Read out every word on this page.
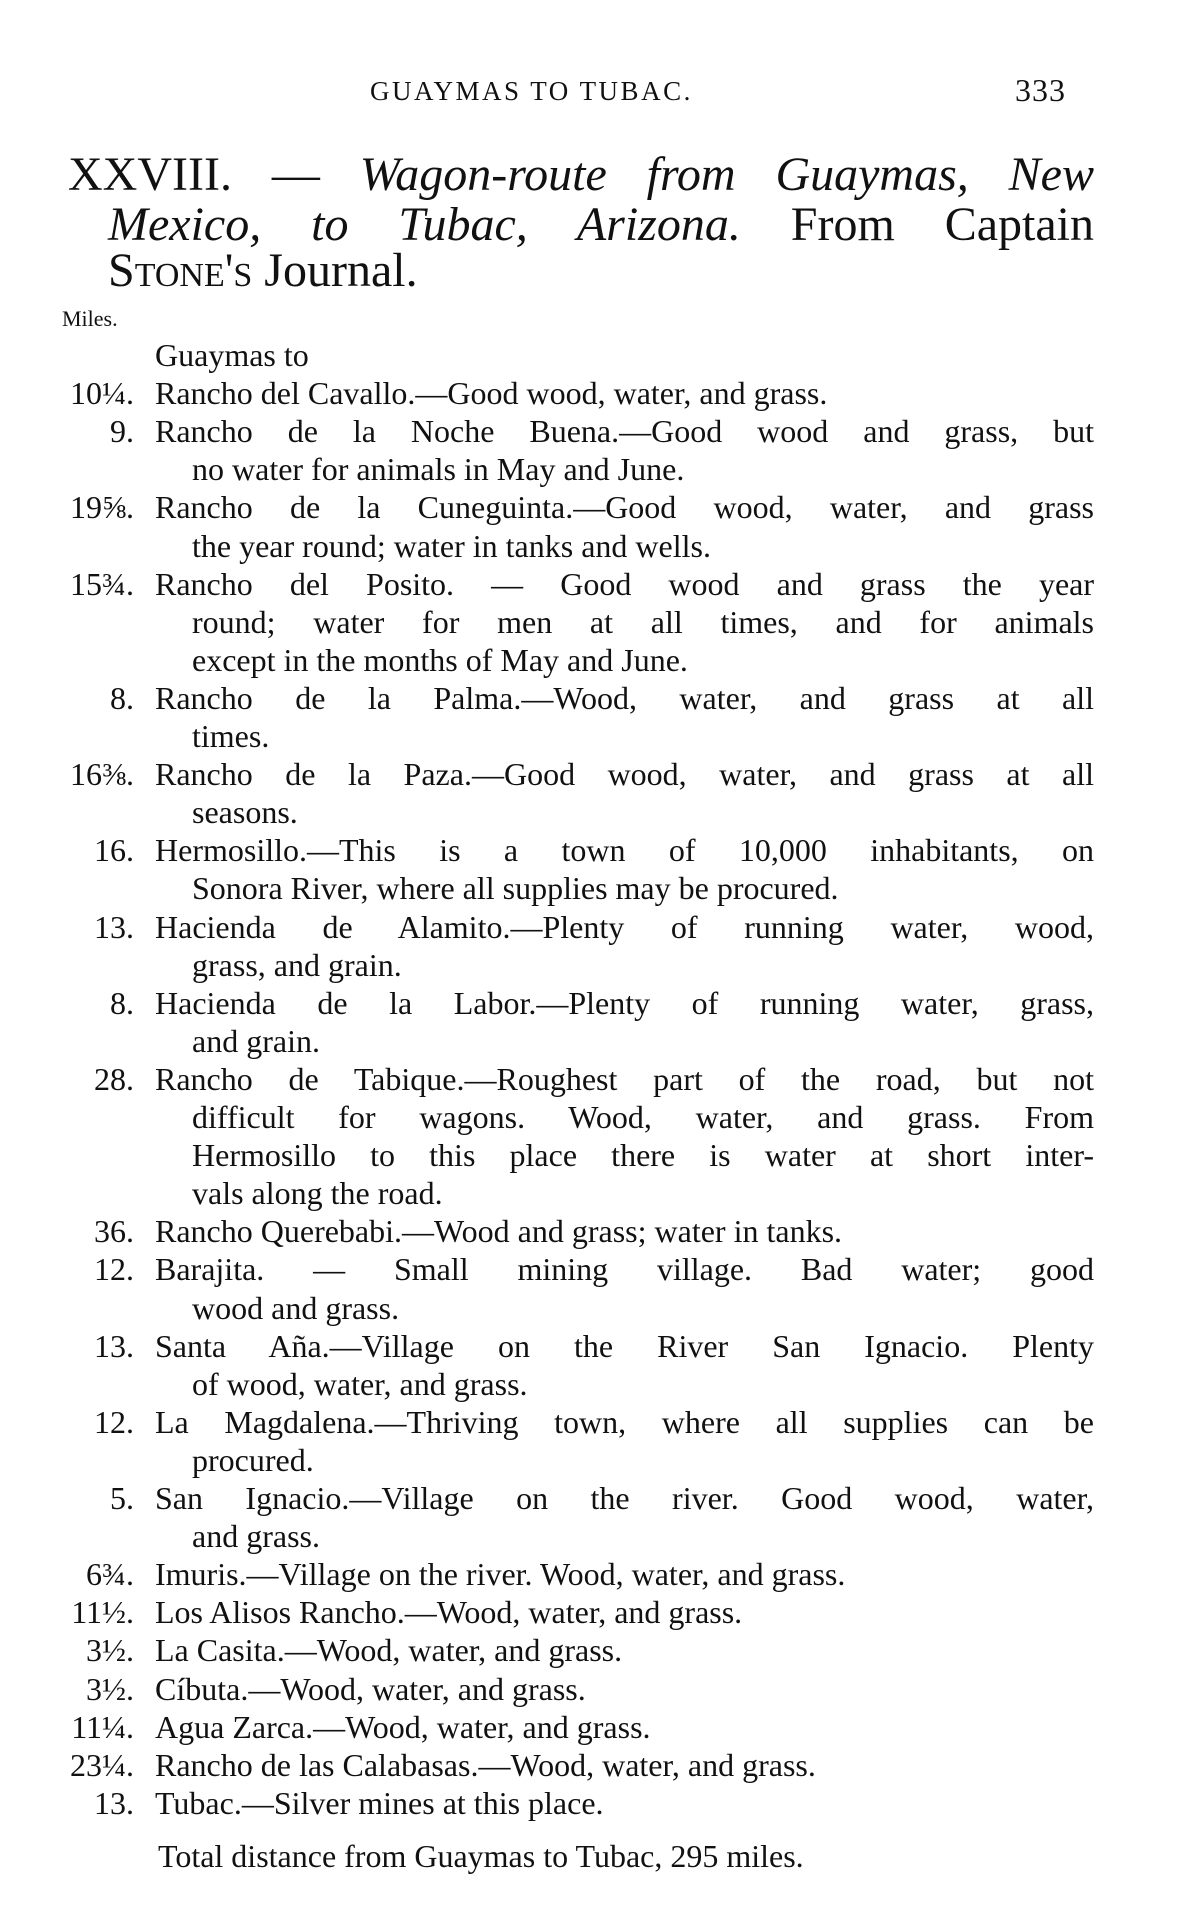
GUAYMAS TO TUBAC.	333
XXVIII. — Wagon-route from Guaymas, New
Mexico, to Tubac, Arizona. From Captain
Stone's Journal.
Miles.
Guaymas to
10¼. Rancho del Cavallo.—Good wood, water, and grass.
9. Rancho de la Noche Buena.—Good wood and grass, but
no water for animals in May and June.
19⅝. Rancho de la Cuneguinta.—Good wood, water, and grass
the year round; water in tanks and wells.
15¾. Rancho del Posito. — Good wood and grass the year
round; water for men at all times, and for animals
except in the months of May and June.
8. Rancho de la Palma.—Wood, water, and grass at all
times.
16⅜. Rancho de la Paza.—Good wood, water, and grass at all
seasons.
16. Hermosillo.—This is a town of 10,000 inhabitants, on
Sonora River, where all supplies may be procured.
13. Hacienda de Alamito.—Plenty of running water, wood,
grass, and grain.
8. Hacienda de la Labor.—Plenty of running water, grass,
and grain.
28. Rancho de Tabique.—Roughest part of the road, but not
difficult for wagons. Wood, water, and grass. From
Hermosillo to this place there is water at short inter-
vals along the road.
36. Rancho Querebabi.—Wood and grass; water in tanks.
12. Barajita. — Small mining village. Bad water; good
wood and grass.
13. Santa Aña.—Village on the River San Ignacio. Plenty
of wood, water, and grass.
12. La Magdalena.—Thriving town, where all supplies can be
procured.
5. San Ignacio.—Village on the river. Good wood, water,
and grass.
6¾. Imuris.—Village on the river. Wood, water, and grass.
11½. Los Alisos Rancho.—Wood, water, and grass.
3½. La Casita.—Wood, water, and grass.
3½. Cíbuta.—Wood, water, and grass.
11¼. Agua Zarca.—Wood, water, and grass.
23¼. Rancho de las Calabasas.—Wood, water, and grass.
13. Tubac.—Silver mines at this place.
Total distance from Guaymas to Tubac, 295 miles.
